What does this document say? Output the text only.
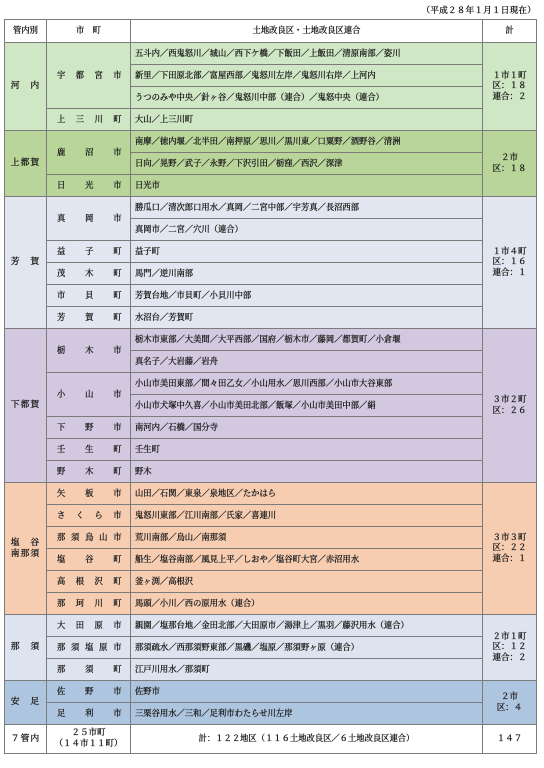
（平成２８年１月１日現在）
管内別	市　町	土地改良区・土地改良区連合	計
河　内	宇都宮市	五斗内／西鬼怒川／城山／西下ケ橋／下飯田／上飯田／清原南部／姿川	１市１町
区：１８
連合：２

		新里／下田原北部／富屋西部／鬼怒川左岸／鬼怒川右岸／上河内	
		うつのみや中央／針ヶ谷／鬼怒川中部（連合）／鬼怒中央（連合）	
	上三川町	大山／上三川町	
上都賀	鹿沼市	南摩／徳内堰／北半田／南押原／思川／黒川東／口粟野／酒野谷／清洲	２市
区：１８

		日向／晃野／武子／永野／下沢引田／栃窪／西沢／深津	
	日光市	日光市	
芳　賀	真岡市	勝瓜口／清次郎口用水／真岡／二宮中部／宇芳真／長沼西部	１市４町
区：１６
連合：１

		真岡市／二宮／穴川（連合）	
	益子町	益子町	
	茂木町	馬門／逆川南部	
	市貝町	芳賀台地／市貝町／小貝川中部	
	芳賀町	水沼台／芳賀町	
下都賀	栃木市	栃木市東部／大美間／大平西部／国府／栃木市／藤岡／都賀町／小倉堰	３市２町
区：２６

		真名子／大岩藤／岩舟	
	小山市	小山市美田東部／間々田乙女／小山用水／思川西部／小山市大谷東部	
		小山市犬塚中久喜／小山市美田北部／飯塚／小山市美田中部／絹	
	下野市	南河内／石橋／国分寺	
	壬生町	壬生町	
	野木町	野木	
塩　谷
南那須	矢板市	山田／石関／東泉／泉地区／たかはら	３市３町
区：２２
連合：１

	さくら市	鬼怒川東部／江川南部／氏家／喜連川	
	那須烏山市	荒川南部／烏山／南那須	
	塩谷町	船生／塩谷南部／風見上平／しおや／塩谷町大宮／赤沼用水	
	高根沢町	釜ヶ渕／高根沢	
	那珂川町	馬頭／小川／西の原用水（連合）	
那　須	大田原市	親園／塩那台地／金田北部／大田原市／湯津上／黒羽／藤沢用水（連合）	２市１町
区：１２
連合：２

	那須塩原市	那須疏水／西那須野東部／黒磯／塩原／那須野ヶ原（連合）	
	那須町	江戸川用水／那須町	
安　足	佐野市	佐野市	２市
区：４

	足利市	三栗谷用水／三和／足利市わたらせ川左岸	
７管内	２５市町
（１４市１１町）	計：１２２地区（１１６土地改良区／６土地改良区連合）	１４７
